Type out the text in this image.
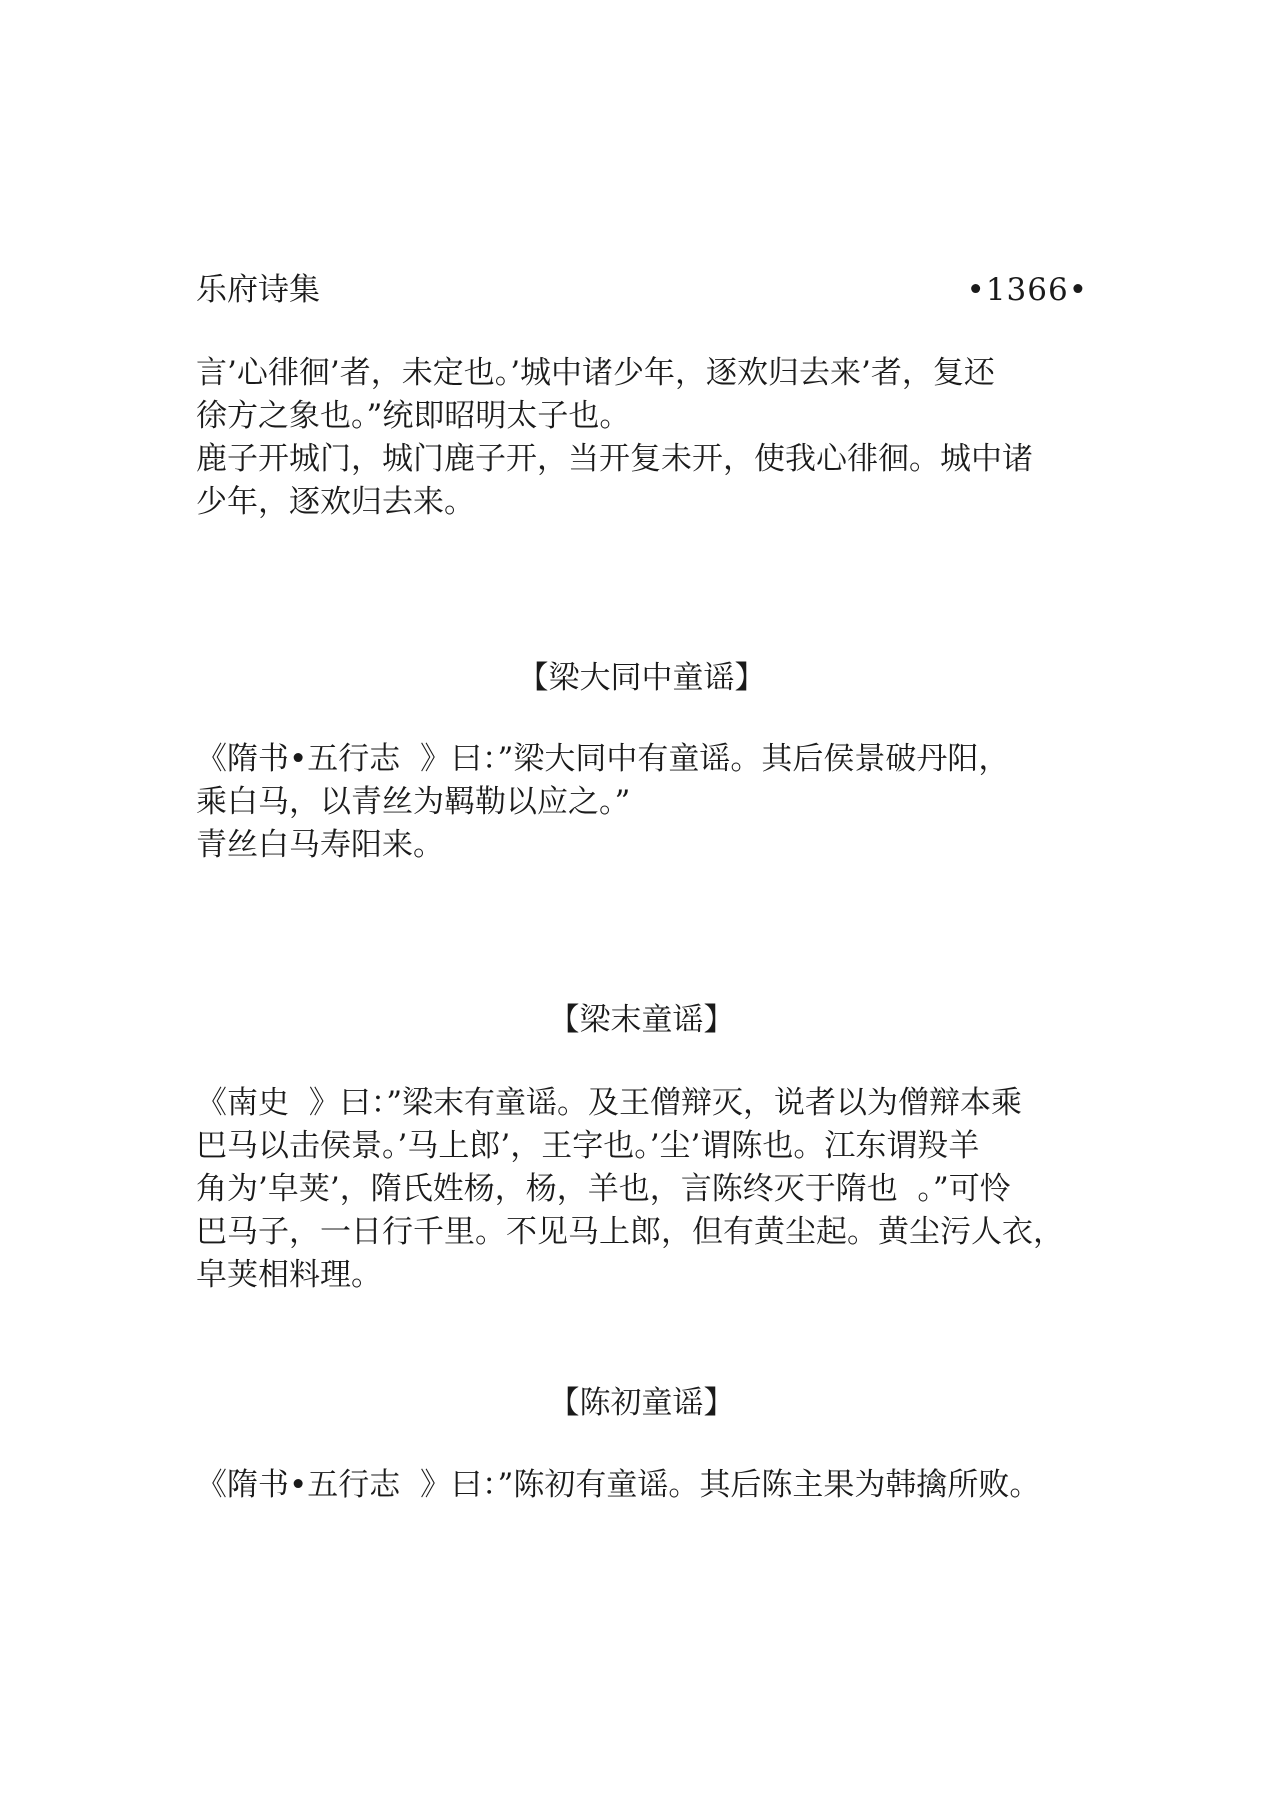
乐府诗集	•1366•

言’心徘徊’者，未定也。’城中诸少年，逐欢归去来’者，复还

徐方之象也。”统即昭明太子也。

鹿子开城门，城门鹿子开，当开复未开，使我心徘徊。城中诸

少年，逐欢归去来。

【梁大同中童谣】

《隋书•五行志  》曰：”梁大同中有童谣。其后侯景破丹阳，

乘白马，以青丝为羁勒以应之。”

青丝白马寿阳来。

【梁末童谣】

《南史  》曰：”梁末有童谣。及王僧辩灭，说者以为僧辩本乘

巴马以击侯景。’马上郎’，王字也。’尘’谓陈也。江东谓羖羊

角为’皁荚’，隋氏姓杨，杨，羊也，言陈终灭于隋也  。”可怜

巴马子，一日行千里。不见马上郎，但有黄尘起。黄尘污人衣，

皁荚相料理。

【陈初童谣】

《隋书•五行志  》曰：”陈初有童谣。其后陈主果为韩擒所败。
